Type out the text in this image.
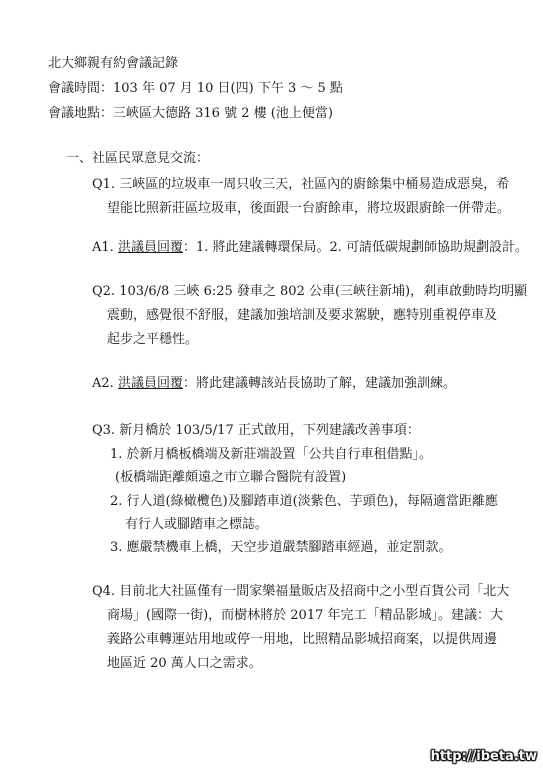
北大鄉親有約會議記錄
會議時間：103 年 07 月 10 日(四) 下午 3 ～ 5 點
會議地點：三峽區大德路 316 號 2 樓 (池上便當)
一、社區民眾意見交流：
Q1. 三峽區的垃圾車一周只收三天，社區內的廚餘集中桶易造成惡臭，希
望能比照新莊區垃圾車，後面跟一台廚餘車，將垃圾跟廚餘一併帶走。
A1. 洪議員回覆：1. 將此建議轉環保局。2. 可請低碳規劃師協助規劃設計。
Q2. 103/6/8 三峽 6:25 發車之 802 公車(三峽往新埔)，剎車啟動時均明顯
震動，感覺很不舒服，建議加強培訓及要求駕駛，應特別重視停車及
起步之平穩性。
A2. 洪議員回覆：將此建議轉該站長協助了解，建議加強訓練。
Q3. 新月橋於 103/5/17 正式啟用，下列建議改善事項：
1. 於新月橋板橋端及新莊端設置「公共自行車租借點」。
(板橋端距離頗遠之市立聯合醫院有設置)
2. 行人道(綠橄欖色)及腳踏車道(淡紫色、芋頭色)，每隔適當距離應
有行人或腳踏車之標誌。
3. 應嚴禁機車上橋，天空步道嚴禁腳踏車經過，並定罰款。
Q4. 目前北大社區僅有一間家樂福量販店及招商中之小型百貨公司「北大
商場」(國際一街)，而樹林將於 2017 年完工「精品影城」。建議：大
義路公車轉運站用地或停一用地，比照精品影城招商案，以提供周邊
地區近 20 萬人口之需求。
http://ibeta.tw
